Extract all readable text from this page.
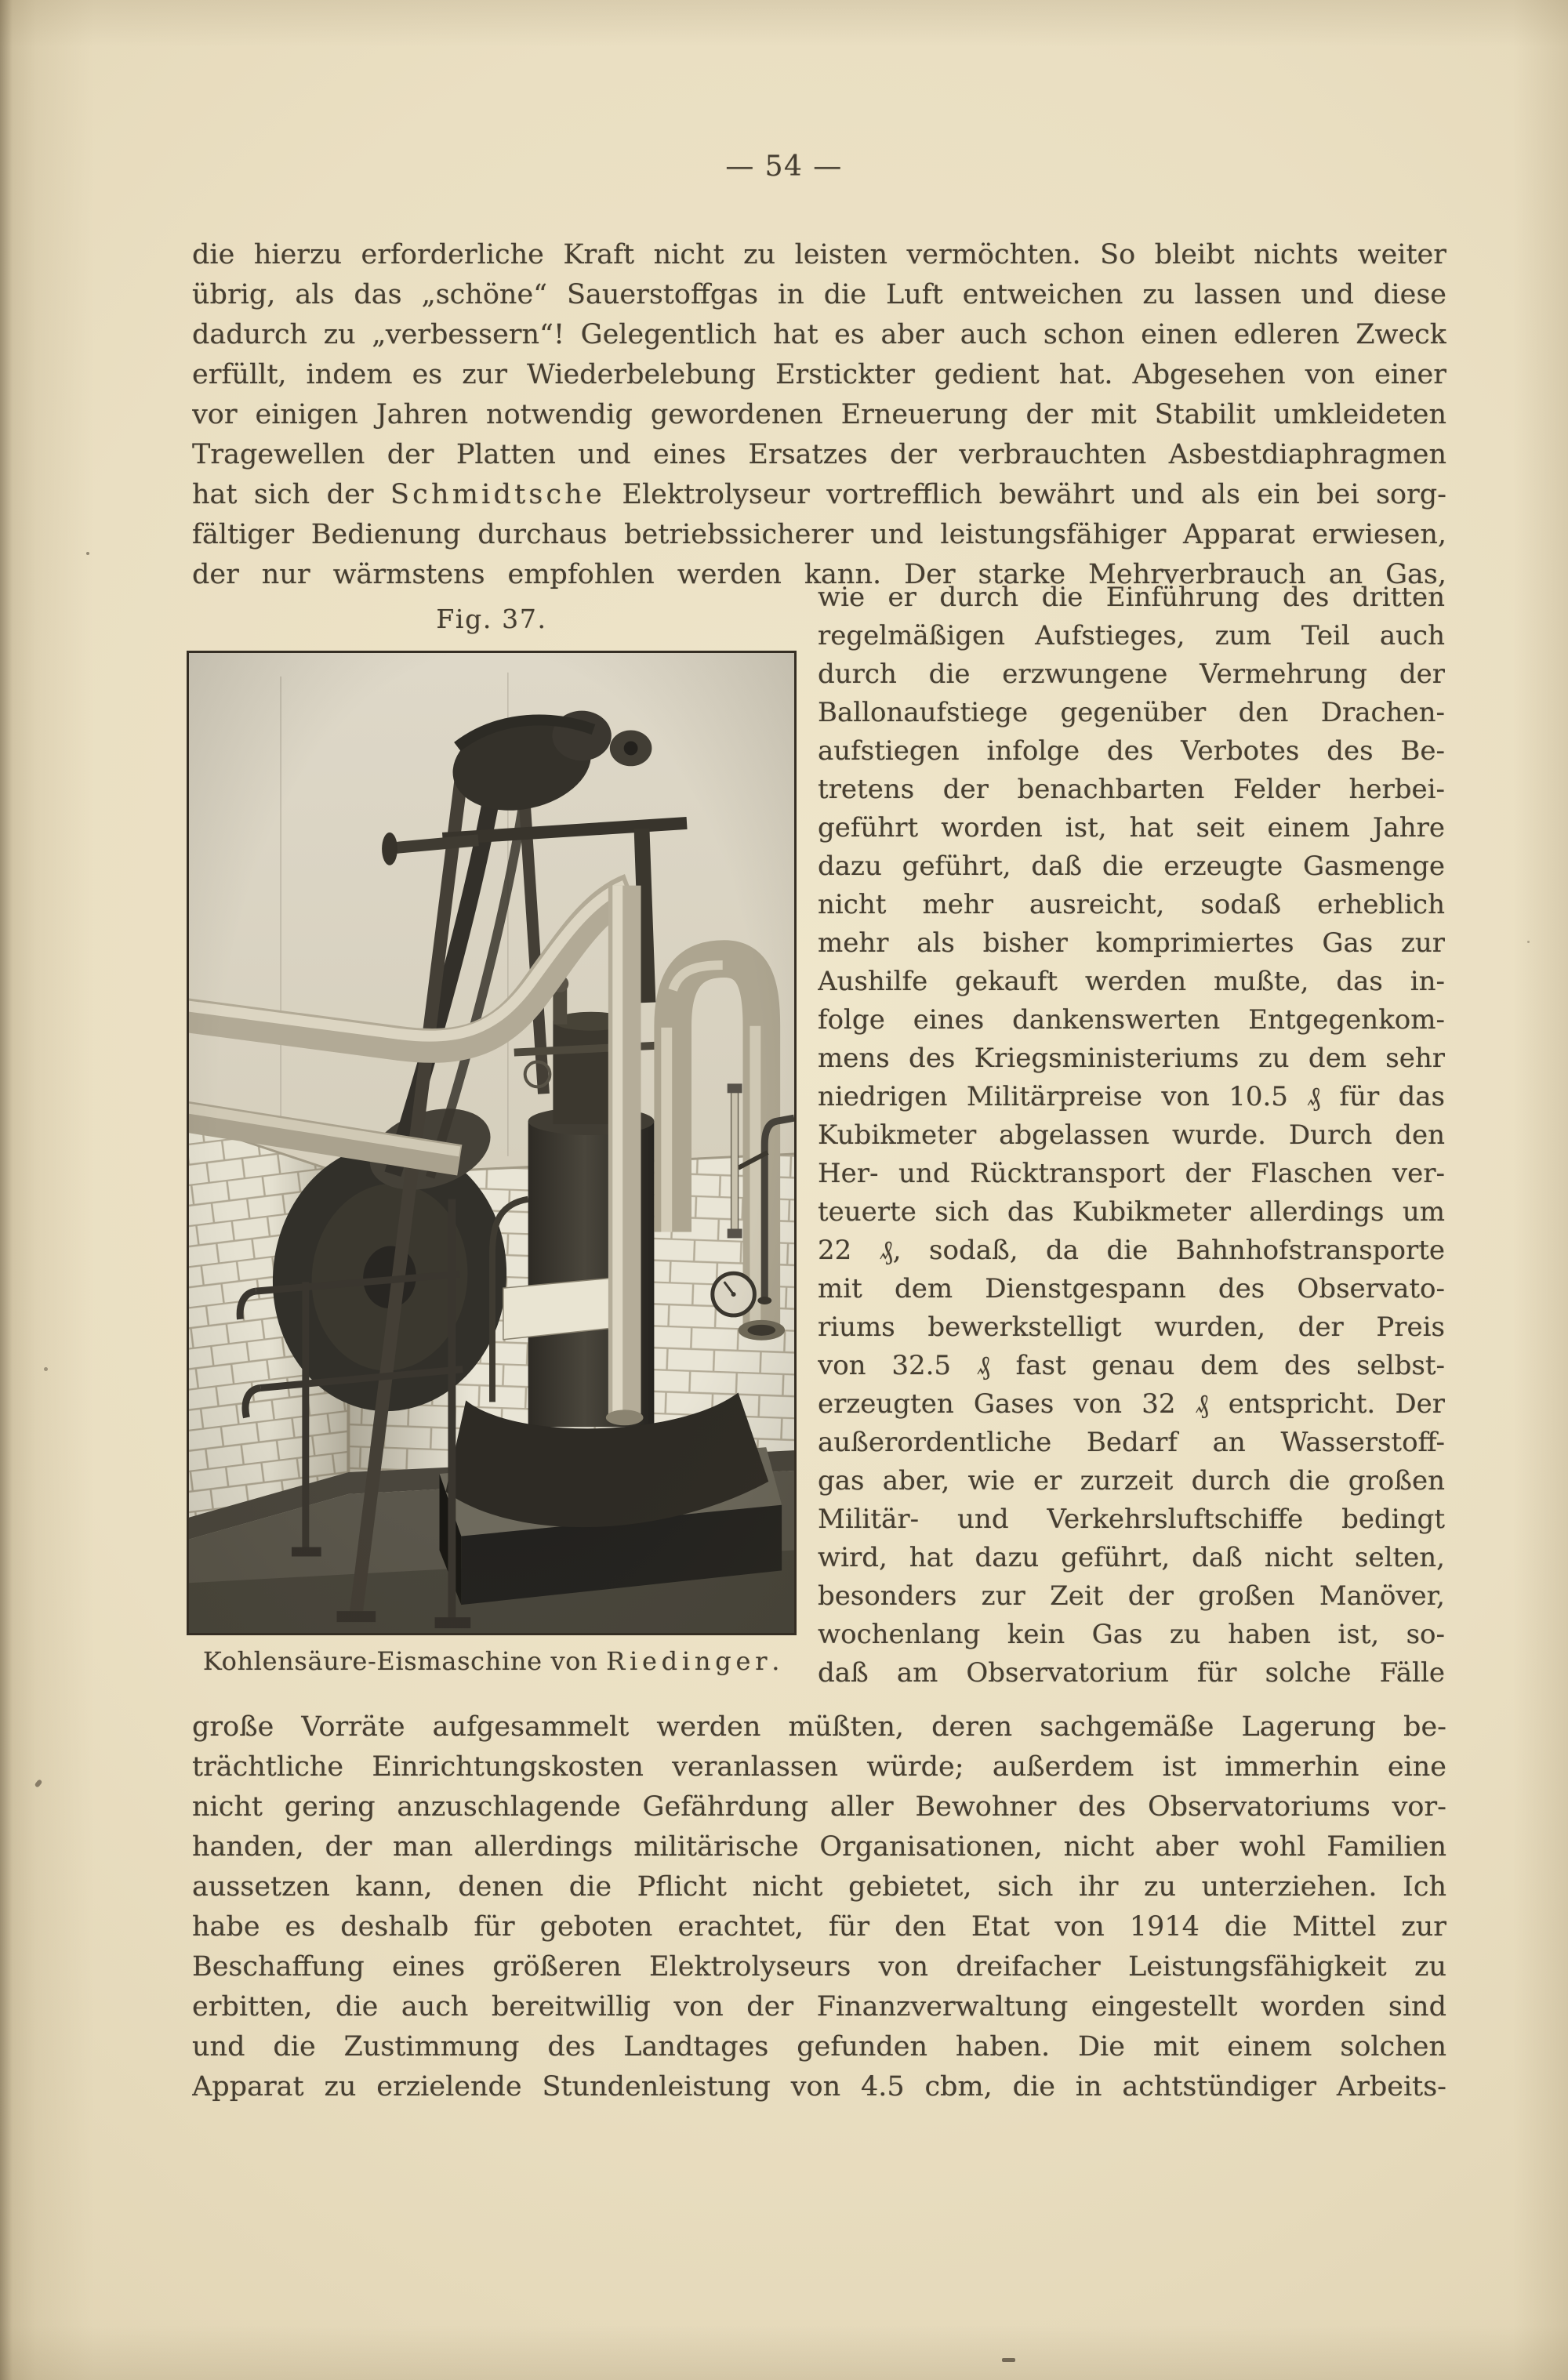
— 54 —
die hierzu erforderliche Kraft nicht zu leisten vermöchten. So bleibt nichts weiter
übrig, als das „schöne“ Sauerstoffgas in die Luft entweichen zu lassen und diese
dadurch zu „verbessern“! Gelegentlich hat es aber auch schon einen edleren Zweck
erfüllt, indem es zur Wiederbelebung Erstickter gedient hat. Abgesehen von einer
vor einigen Jahren notwendig gewordenen Erneuerung der mit Stabilit umkleideten
Tragewellen der Platten und eines Ersatzes der verbrauchten Asbestdiaphragmen
hat sich der Schmidtsche Elektrolyseur vortrefflich bewährt und als ein bei sorg-
fältiger Bedienung durchaus betriebssicherer und leistungsfähiger Apparat erwiesen,
der nur wärmstens empfohlen werden kann. Der starke Mehrverbrauch an Gas,
Fig. 37.
Kohlensäure-Eismaschine von Riedinger.
wie er durch die Einführung des dritten
regelmäßigen Aufstieges, zum Teil auch
durch die erzwungene Vermehrung der
Ballonaufstiege gegenüber den Drachen-
aufstiegen infolge des Verbotes des Be-
tretens der benachbarten Felder herbei-
geführt worden ist, hat seit einem Jahre
dazu geführt, daß die erzeugte Gasmenge
nicht mehr ausreicht, sodaß erheblich
mehr als bisher komprimiertes Gas zur
Aushilfe gekauft werden mußte, das in-
folge eines dankenswerten Entgegenkom-
mens des Kriegsministeriums zu dem sehr
niedrigen Militärpreise von 10.5 ₰ für das
Kubikmeter abgelassen wurde. Durch den
Her- und Rücktransport der Flaschen ver-
teuerte sich das Kubikmeter allerdings um
22 ₰, sodaß, da die Bahnhofstransporte
mit dem Dienstgespann des Observato-
riums bewerkstelligt wurden, der Preis
von 32.5 ₰ fast genau dem des selbst-
erzeugten Gases von 32 ₰ entspricht. Der
außerordentliche Bedarf an Wasserstoff-
gas aber, wie er zurzeit durch die großen
Militär- und Verkehrsluftschiffe bedingt
wird, hat dazu geführt, daß nicht selten,
besonders zur Zeit der großen Manöver,
wochenlang kein Gas zu haben ist, so-
daß am Observatorium für solche Fälle
große Vorräte aufgesammelt werden müßten, deren sachgemäße Lagerung be-
trächtliche Einrichtungskosten veranlassen würde; außerdem ist immerhin eine
nicht gering anzuschlagende Gefährdung aller Bewohner des Observatoriums vor-
handen, der man allerdings militärische Organisationen, nicht aber wohl Familien
aussetzen kann, denen die Pflicht nicht gebietet, sich ihr zu unterziehen. Ich
habe es deshalb für geboten erachtet, für den Etat von 1914 die Mittel zur
Beschaffung eines größeren Elektrolyseurs von dreifacher Leistungsfähigkeit zu
erbitten, die auch bereitwillig von der Finanzverwaltung eingestellt worden sind
und die Zustimmung des Landtages gefunden haben. Die mit einem solchen
Apparat zu erzielende Stundenleistung von 4.5 cbm, die in achtstündiger Arbeits-
